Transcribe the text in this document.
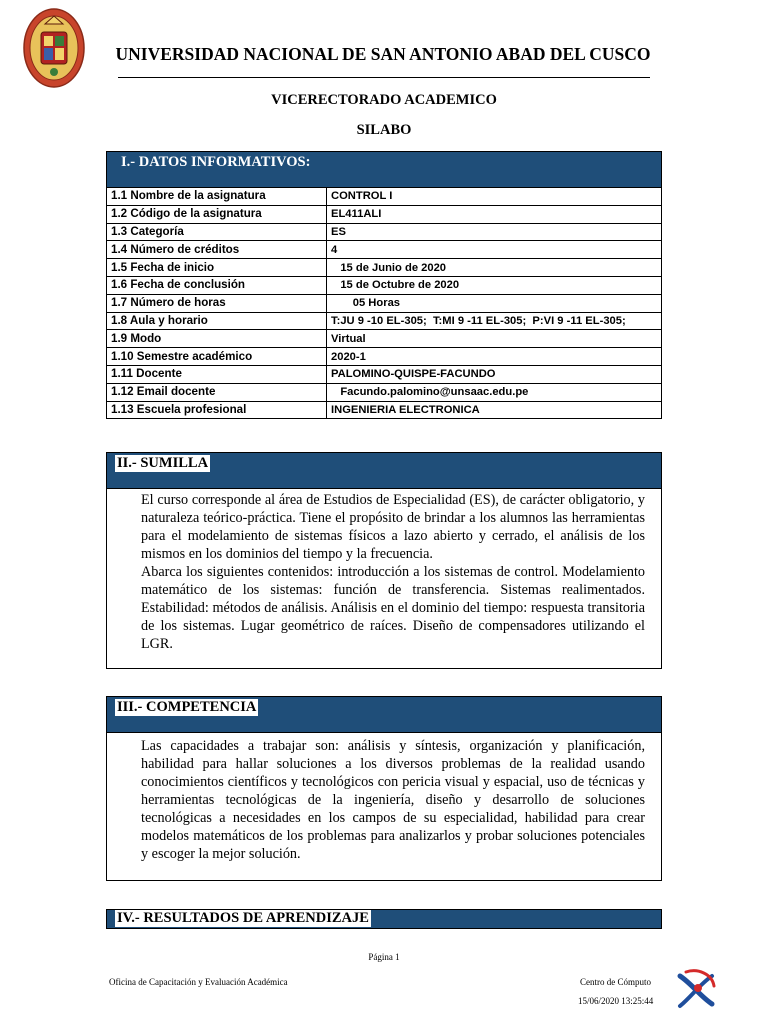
UNIVERSIDAD NACIONAL DE SAN ANTONIO ABAD DEL CUSCO
VICERECTORADO ACADEMICO
SILABO
I.- DATOS INFORMATIVOS:
1.1 Nombre de la asignatura	CONTROL I
1.2 Código de la asignatura	EL411ALI
1.3 Categoría	ES
1.4 Número de créditos	4
1.5 Fecha de inicio	15 de Junio de 2020
1.6 Fecha de conclusión	15 de Octubre de 2020
1.7 Número de horas	05 Horas
1.8 Aula y horario	T:JU 9 -10 EL-305;  T:MI 9 -11 EL-305;  P:VI 9 -11 EL-305;
1.9 Modo	Virtual
1.10 Semestre académico	2020-1
1.11 Docente	PALOMINO-QUISPE-FACUNDO
1.12 Email docente	Facundo.palomino@unsaac.edu.pe
1.13 Escuela profesional	INGENIERIA ELECTRONICA
II.- SUMILLA

El curso corresponde al área de Estudios de Especialidad (ES), de carácter obligatorio, y naturaleza teórico-práctica. Tiene el propósito de brindar a los alumnos las herramientas para el modelamiento de sistemas físicos a lazo abierto y cerrado, el análisis de los mismos en los dominios del tiempo y la frecuencia.

Abarca los siguientes contenidos: introducción a los sistemas de control. Modelamiento matemático de los sistemas: función de transferencia. Sistemas realimentados. Estabilidad: métodos de análisis. Análisis en el dominio del tiempo: respuesta transitoria de los sistemas. Lugar geométrico de raíces. Diseño de compensadores utilizando el LGR.

III.- COMPETENCIA

Las capacidades a trabajar son: análisis y síntesis, organización y planificación, habilidad para hallar soluciones a los diversos problemas de la realidad usando conocimientos científicos y tecnológicos con pericia visual y espacial, uso de técnicas y herramientas tecnológicas de la ingeniería, diseño y desarrollo de soluciones tecnológicas a necesidades en los campos de su especialidad, habilidad para crear modelos matemáticos de los problemas para analizarlos y probar soluciones potenciales y escoger la mejor solución.

IV.- RESULTADOS DE APRENDIZAJE
Página 1
Oficina de Capacitación y Evaluación Académica	Centro de Cómputo
15/06/2020 13:25:44
